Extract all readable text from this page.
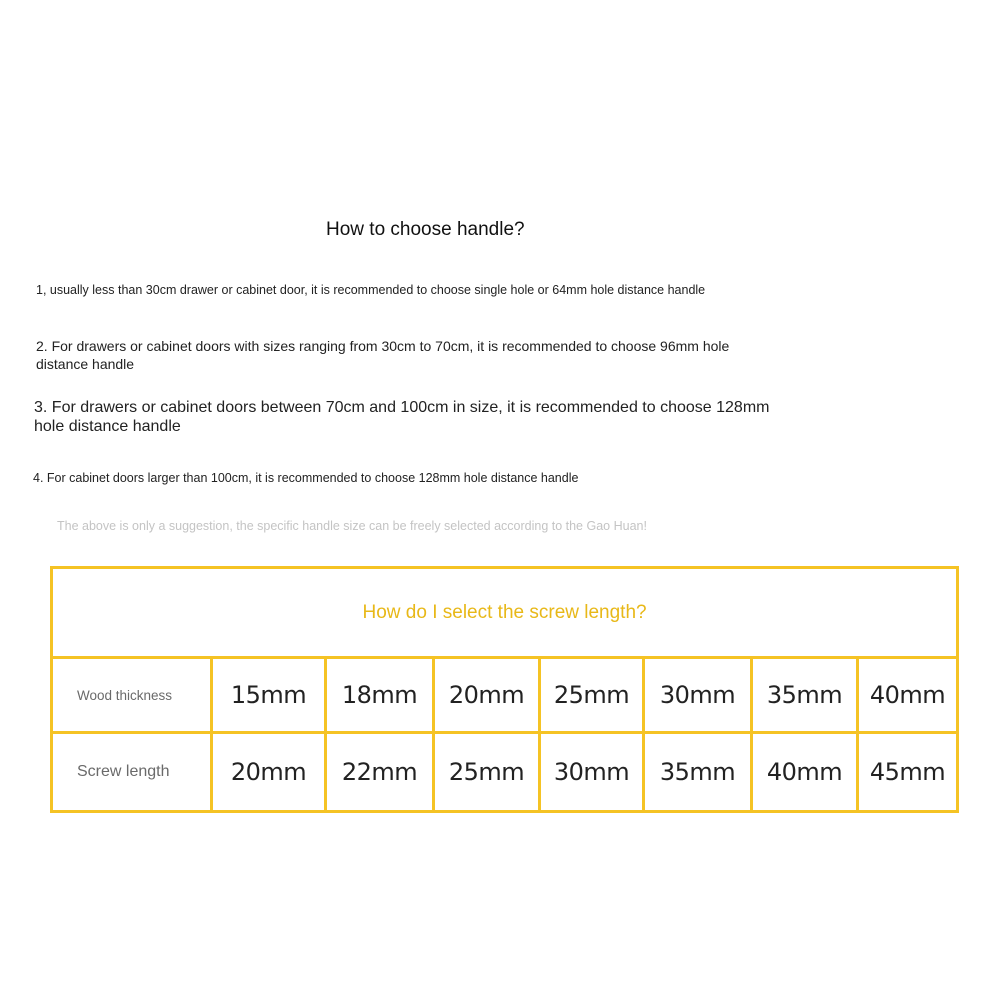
How to choose handle?
1, usually less than 30cm drawer or cabinet door, it is recommended to choose single hole or 64mm hole distance handle
2. For drawers or cabinet doors with sizes ranging from 30cm to 70cm, it is recommended to choose 96mm hole distance handle
3. For drawers or cabinet doors between 70cm and 100cm in size, it is recommended to choose 128mm hole distance handle
4. For cabinet doors larger than 100cm, it is recommended to choose 128mm hole distance handle
The above is only a suggestion, the specific handle size can be freely selected according to the Gao Huan!
How do I select the screw length?							
Wood thickness	15mm	18mm	20mm	25mm	30mm	35mm	40mm
Screw length	20mm	22mm	25mm	30mm	35mm	40mm	45mm
